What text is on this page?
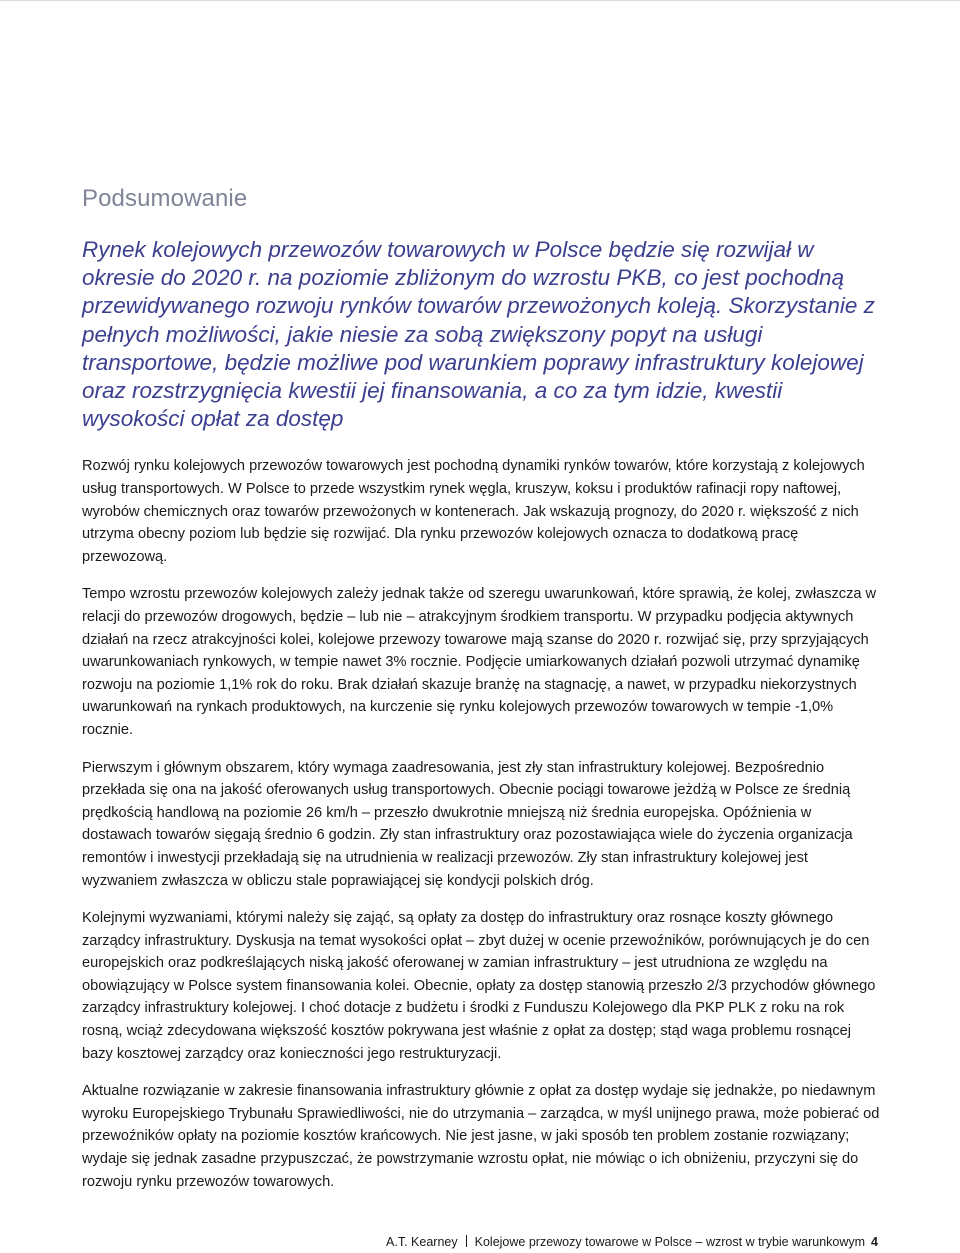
Podsumowanie

Rynek kolejowych przewozów towarowych w Polsce będzie się rozwijał w okresie do 2020 r. na poziomie zbliżonym do wzrostu PKB, co jest pochodną przewidywanego rozwoju rynków towarów przewożonych koleją. Skorzystanie z pełnych możliwości, jakie niesie za sobą zwiększony popyt na usługi transportowe, będzie możliwe pod warunkiem poprawy infrastruktury kolejowej oraz rozstrzygnięcia kwestii jej finansowania, a co za tym idzie, kwestii wysokości opłat za dostęp

Rozwój rynku kolejowych przewozów towarowych jest pochodną dynamiki rynków towarów, które korzystają z kolejowych usług transportowych. W Polsce to przede wszystkim rynek węgla, kruszyw, koksu i produktów rafinacji ropy naftowej, wyrobów chemicznych oraz towarów przewożonych w kontenerach. Jak wskazują prognozy, do 2020 r. większość z nich utrzyma obecny poziom lub będzie się rozwijać. Dla rynku przewozów kolejowych oznacza to dodatkową pracę przewozową.

Tempo wzrostu przewozów kolejowych zależy jednak także od szeregu uwarunkowań, które sprawią, że kolej, zwłaszcza w relacji do przewozów drogowych, będzie – lub nie – atrakcyjnym środkiem transportu. W przypadku podjęcia aktywnych działań na rzecz atrakcyjności kolei, kolejowe przewozy towarowe mają szanse do 2020 r. rozwijać się, przy sprzyjających uwarunkowaniach rynkowych, w tempie nawet 3% rocznie. Podjęcie umiarkowanych działań pozwoli utrzymać dynamikę rozwoju na poziomie 1,1% rok do roku. Brak działań skazuje branżę na stagnację, a nawet, w przypadku niekorzystnych uwarunkowań na rynkach produktowych, na kurczenie się rynku kolejowych przewozów towarowych w tempie -1,0% rocznie.

Pierwszym i głównym obszarem, który wymaga zaadresowania, jest zły stan infrastruktury kolejowej. Bezpośrednio przekłada się ona na jakość oferowanych usług transportowych. Obecnie pociągi towarowe jeżdżą w Polsce ze średnią prędkością handlową na poziomie 26 km/h – przeszło dwukrotnie mniejszą niż średnia europejska. Opóźnienia w dostawach towarów sięgają średnio 6 godzin. Zły stan infrastruktury oraz pozostawiająca wiele do życzenia organizacja remontów i inwestycji przekładają się na utrudnienia w realizacji przewozów. Zły stan infrastruktury kolejowej jest wyzwaniem zwłaszcza w obliczu stale poprawiającej się kondycji polskich dróg.

Kolejnymi wyzwaniami, którymi należy się zająć, są opłaty za dostęp do infrastruktury oraz rosnące koszty głównego zarządcy infrastruktury. Dyskusja na temat wysokości opłat – zbyt dużej w ocenie przewoźników, porównujących je do cen europejskich oraz podkreślających niską jakość oferowanej w zamian infrastruktury – jest utrudniona ze względu na obowiązujący w Polsce system finansowania kolei. Obecnie, opłaty za dostęp stanowią przeszło 2/3 przychodów głównego zarządcy infrastruktury kolejowej. I choć dotacje z budżetu i środki z Funduszu Kolejowego dla PKP PLK z roku na rok rosną, wciąż zdecydowana większość kosztów pokrywana jest właśnie z opłat za dostęp; stąd waga problemu rosnącej bazy kosztowej zarządcy oraz konieczności jego restrukturyzacji.

Aktualne rozwiązanie w zakresie finansowania infrastruktury głównie z opłat za dostęp wydaje się jednakże, po niedawnym wyroku Europejskiego Trybunału Sprawiedliwości, nie do utrzymania – zarządca, w myśl unijnego prawa, może pobierać od przewoźników opłaty na poziomie kosztów krańcowych. Nie jest jasne, w jaki sposób ten problem zostanie rozwiązany; wydaje się jednak zasadne przypuszczać, że powstrzymanie wzrostu opłat, nie mówiąc o ich obniżeniu, przyczyni się do rozwoju rynku przewozów towarowych.

A.T. Kearney Kolejowe przewozy towarowe w Polsce – wzrost w trybie warunkowym 4
